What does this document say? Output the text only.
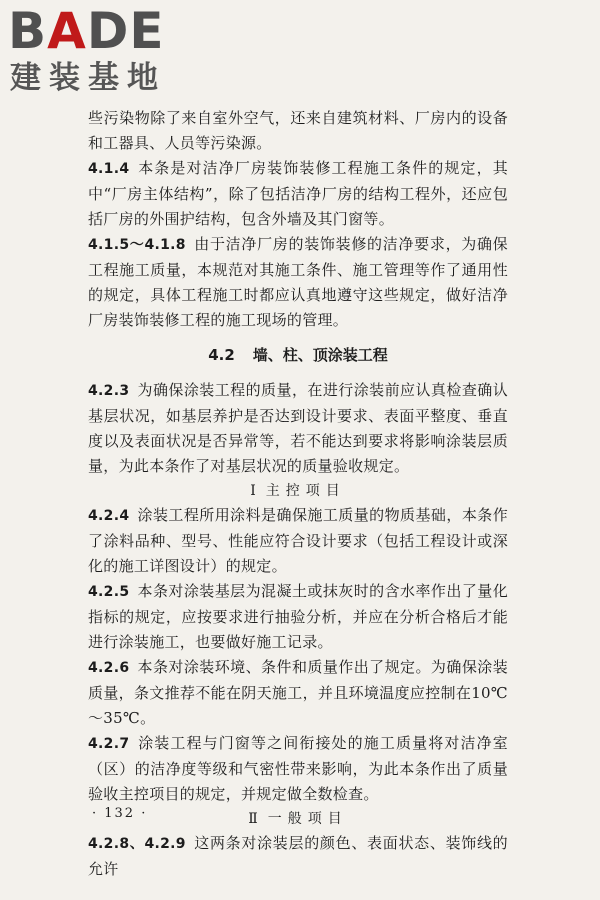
BADE
建装基地

些污染物除了来自室外空气，还来自建筑材料、厂房内的设备和工器具、人员等污染源。

4.1.4 本条是对洁净厂房装饰装修工程施工条件的规定，其中“厂房主体结构”，除了包括洁净厂房的结构工程外，还应包括厂房的外围护结构，包含外墙及其门窗等。

4.1.5～4.1.8 由于洁净厂房的装饰装修的洁净要求，为确保工程施工质量，本规范对其施工条件、施工管理等作了通用性的规定，具体工程施工时都应认真地遵守这些规定，做好洁净厂房装饰装修工程的施工现场的管理。

4.2 墙、柱、顶涂装工程

4.2.3 为确保涂装工程的质量，在进行涂装前应认真检查确认基层状况，如基层养护是否达到设计要求、表面平整度、垂直度以及表面状况是否异常等，若不能达到要求将影响涂装层质量，为此本条作了对基层状况的质量验收规定。

Ⅰ 主控项目

4.2.4 涂装工程所用涂料是确保施工质量的物质基础，本条作了涂料品种、型号、性能应符合设计要求（包括工程设计或深化的施工详图设计）的规定。

4.2.5 本条对涂装基层为混凝土或抹灰时的含水率作出了量化指标的规定，应按要求进行抽验分析，并应在分析合格后才能进行涂装施工，也要做好施工记录。

4.2.6 本条对涂装环境、条件和质量作出了规定。为确保涂装质量，条文推荐不能在阴天施工，并且环境温度应控制在10℃～35℃。

4.2.7 涂装工程与门窗等之间衔接处的施工质量将对洁净室（区）的洁净度等级和气密性带来影响，为此本条作出了质量验收主控项目的规定，并规定做全数检查。

Ⅱ 一般项目

4.2.8、4.2.9 这两条对涂装层的颜色、表面状态、装饰线的允许

· 132 ·
